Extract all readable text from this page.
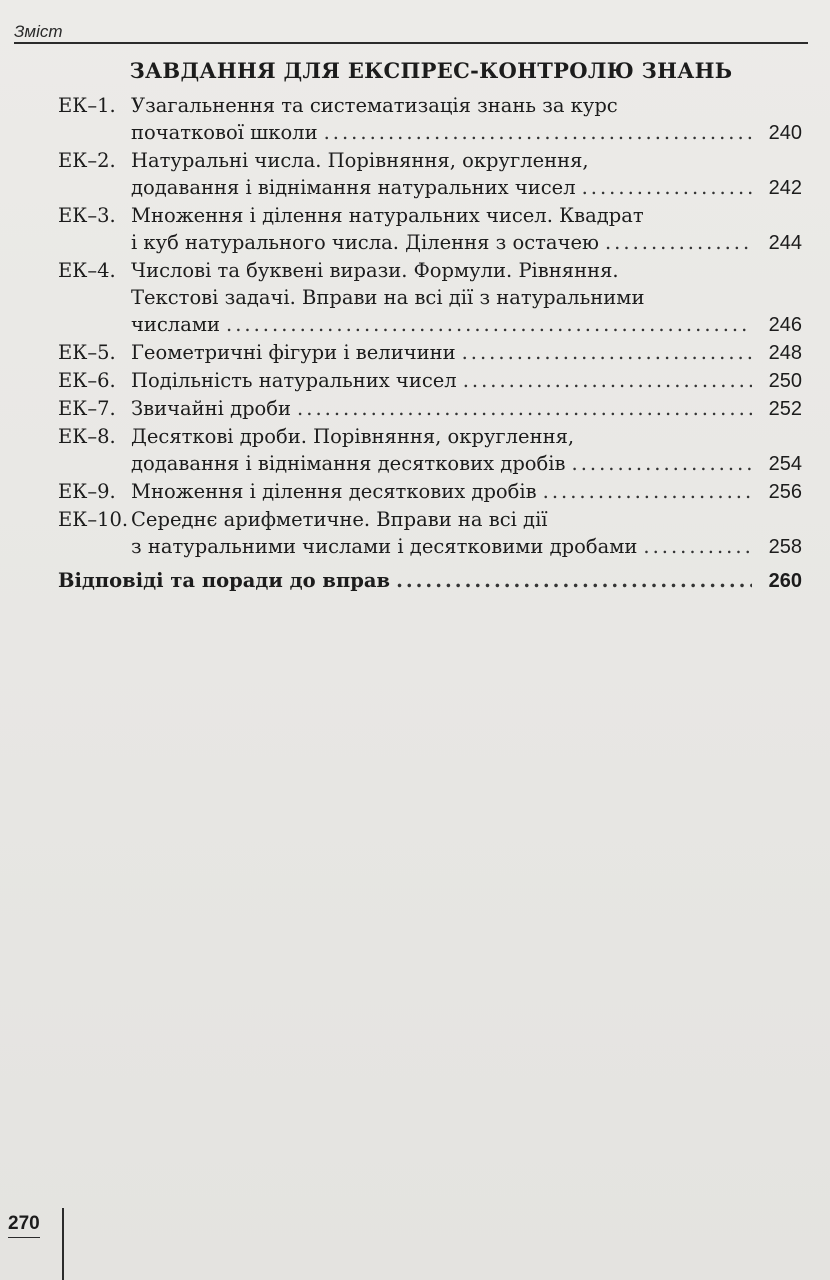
Зміст
ЗАВДАННЯ ДЛЯ ЕКСПРЕС-КОНТРОЛЮ ЗНАНЬ
ЕК–1. Узагальнення та систематизація знань за курс
початкової школи .....	240
ЕК–2. Натуральні числа. Порівняння, округлення,
додавання і віднімання натуральних чисел .....	242
ЕК–3. Множення і ділення натуральних чисел. Квадрат
і куб натурального числа. Ділення з остачею .....	244
ЕК–4. Числові та буквені вирази. Формули. Рівняння.
Текстові задачі. Вправи на всі дії з натуральними
числами .....	246
ЕК–5. Геометричні фігури і величини .....	248
ЕК–6. Подільність натуральних чисел .....	250
ЕК–7. Звичайні дроби .....	252
ЕК–8. Десяткові дроби. Порівняння, округлення,
додавання і віднімання десяткових дробів .....	254
ЕК–9. Множення і ділення десяткових дробів .....	256
ЕК–10. Середнє арифметичне. Вправи на всі дії
з натуральними числами і десятковими дробами .....	258
Відповіді та поради до вправ .....	260
270
